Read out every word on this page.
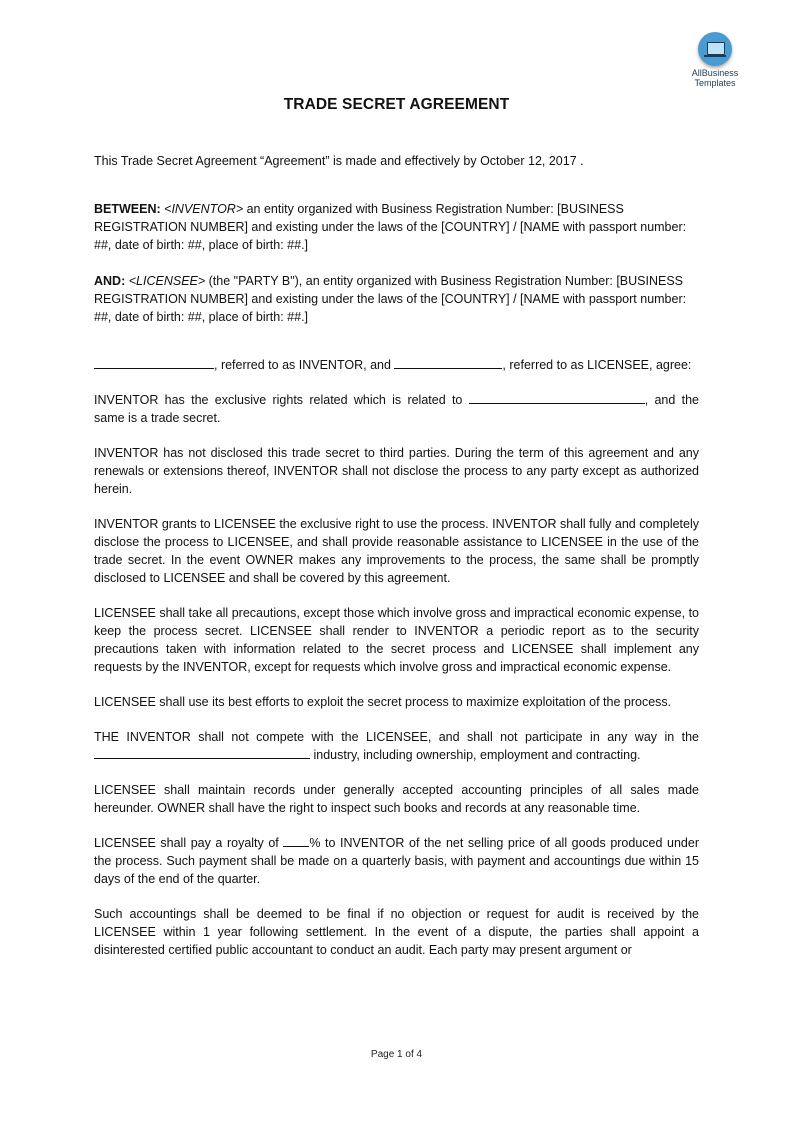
AllBusiness
Templates
TRADE SECRET AGREEMENT

This Trade Secret Agreement “Agreement” is made and effectively by October 12, 2017 .

BETWEEN: <INVENTOR> an entity organized with Business Registration Number: [BUSINESS REGISTRATION NUMBER] and existing under the laws of the [COUNTRY] / [NAME with passport number: ##, date of birth: ##, place of birth: ##.]

AND: <LICENSEE> (the "PARTY B"), an entity organized with Business Registration Number: [BUSINESS REGISTRATION NUMBER] and existing under the laws of the [COUNTRY] / [NAME with passport number: ##, date of birth: ##, place of birth: ##.]

, referred to as INVENTOR, and	, referred to as LICENSEE, agree:

INVENTOR has the exclusive rights related which is related to	, and the same is a trade secret.

INVENTOR has not disclosed this trade secret to third parties. During the term of this agreement and any renewals or extensions thereof, INVENTOR shall not disclose the process to any party except as authorized herein.

INVENTOR grants to LICENSEE the exclusive right to use the process. INVENTOR shall fully and completely disclose the process to LICENSEE, and shall provide reasonable assistance to LICENSEE in the use of the trade secret. In the event OWNER makes any improvements to the process, the same shall be promptly disclosed to LICENSEE and shall be covered by this agreement.

LICENSEE shall take all precautions, except those which involve gross and impractical economic expense, to keep the process secret. LICENSEE shall render to INVENTOR a periodic report as to the security precautions taken with information related to the secret process and LICENSEE shall implement any requests by the INVENTOR, except for requests which involve gross and impractical economic expense.

LICENSEE shall use its best efforts to exploit the secret process to maximize exploitation of the process.

THE INVENTOR shall not compete with the LICENSEE, and shall not participate in any way in the  industry, including ownership, employment and contracting.

LICENSEE shall maintain records under generally accepted accounting principles of all sales made hereunder. OWNER shall have the right to inspect such books and records at any reasonable time.

LICENSEE shall pay a royalty of % to INVENTOR of the net selling price of all goods produced under the process. Such payment shall be made on a quarterly basis, with payment and accountings due within 15 days of the end of the quarter.

Such accountings shall be deemed to be final if no objection or request for audit is received by the LICENSEE within 1 year following settlement. In the event of a dispute, the parties shall appoint a disinterested certified public accountant to conduct an audit. Each party may present argument or

Page 1 of 4
